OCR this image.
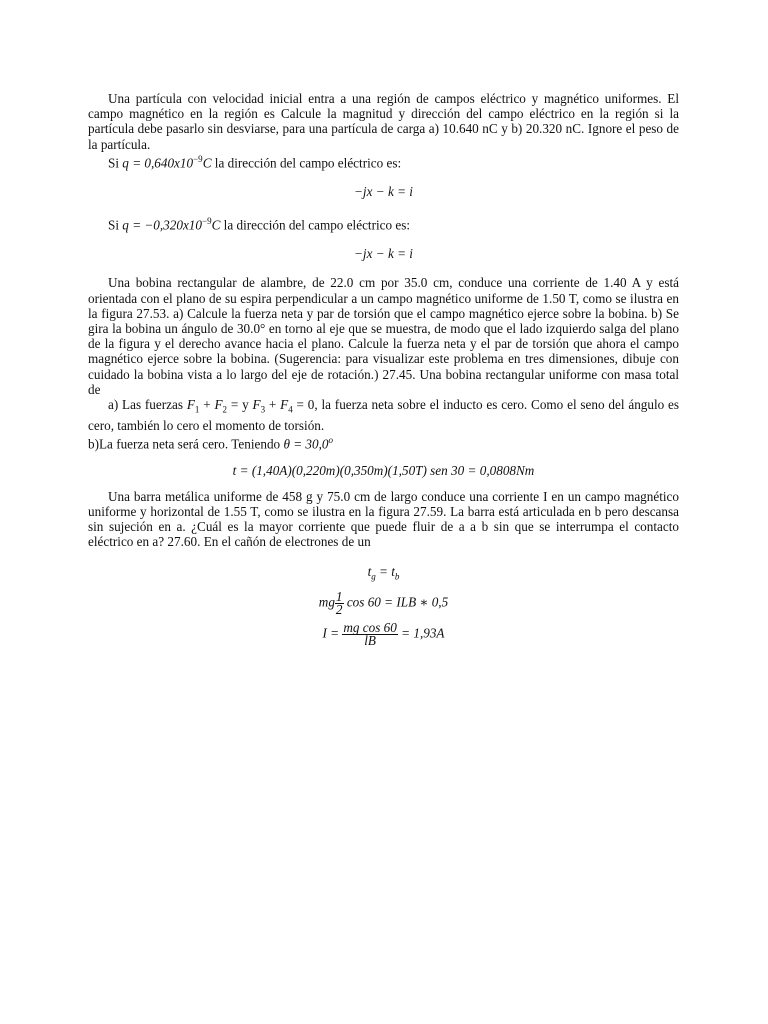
Una partícula con velocidad inicial entra a una región de campos eléctrico y magnético uniformes. El campo magnético en la región es Calcule la magnitud y dirección del campo eléctrico en la región si la partícula debe pasarlo sin desviarse, para una partícula de carga a) 10.640 nC y b) 20.320 nC. Ignore el peso de la partícula.

Si $q = 0,640x10^{-9}C$ la dirección del campo eléctrico es:

−jx − k = i

Si $q = -0,320x10^{-9}C$ la dirección del campo eléctrico es:

−jx − k = i

Una bobina rectangular de alambre, de 22.0 cm por 35.0 cm, conduce una corriente de 1.40 A y está orientada con el plano de su espira perpendicular a un campo magnético uniforme de 1.50 T, como se ilustra en la figura 27.53. a) Calcule la fuerza neta y par de torsión que el campo magnético ejerce sobre la bobina. b) Se gira la bobina un ángulo de 30.0° en torno al eje que se muestra, de modo que el lado izquierdo salga del plano de la figura y el derecho avance hacia el plano. Calcule la fuerza neta y el par de torsión que ahora el campo magnético ejerce sobre la bobina. (Sugerencia: para visualizar este problema en tres dimensiones, dibuje con cuidado la bobina vista a lo largo del eje de rotación.) 27.45. Una bobina rectangular uniforme con masa total de

a) Las fuerzas $F_1 + F_2 = y$ $F_3 + F_4 = 0$, la fuerza neta sobre el inducto es cero. Como el seno del ángulo es cero, también lo cero el momento de torsión.

b)La fuerza neta será cero. Teniendo $\theta = 30,0^o$

t = (1,40A)(0,220m)(0,350m)(1,50T) sen 30 = 0,0808Nm

Una barra metálica uniforme de 458 g y 75.0 cm de largo conduce una corriente I en un campo magnético uniforme y horizontal de 1.55 T, como se ilustra en la figura 27.59. La barra está articulada en b pero descansa sin sujeción en a. ¿Cuál es la mayor corriente que puede fluir de a a b sin que se interrumpa el contacto eléctrico en a? 27.60. En el cañón de electrones de un

$t_g = t_b$

mg $\frac{1}{2}$ cos 60 = ILB ∗ 0,5

$I = \frac{\text{mg cos 60}}{lB} = 1,93A$
